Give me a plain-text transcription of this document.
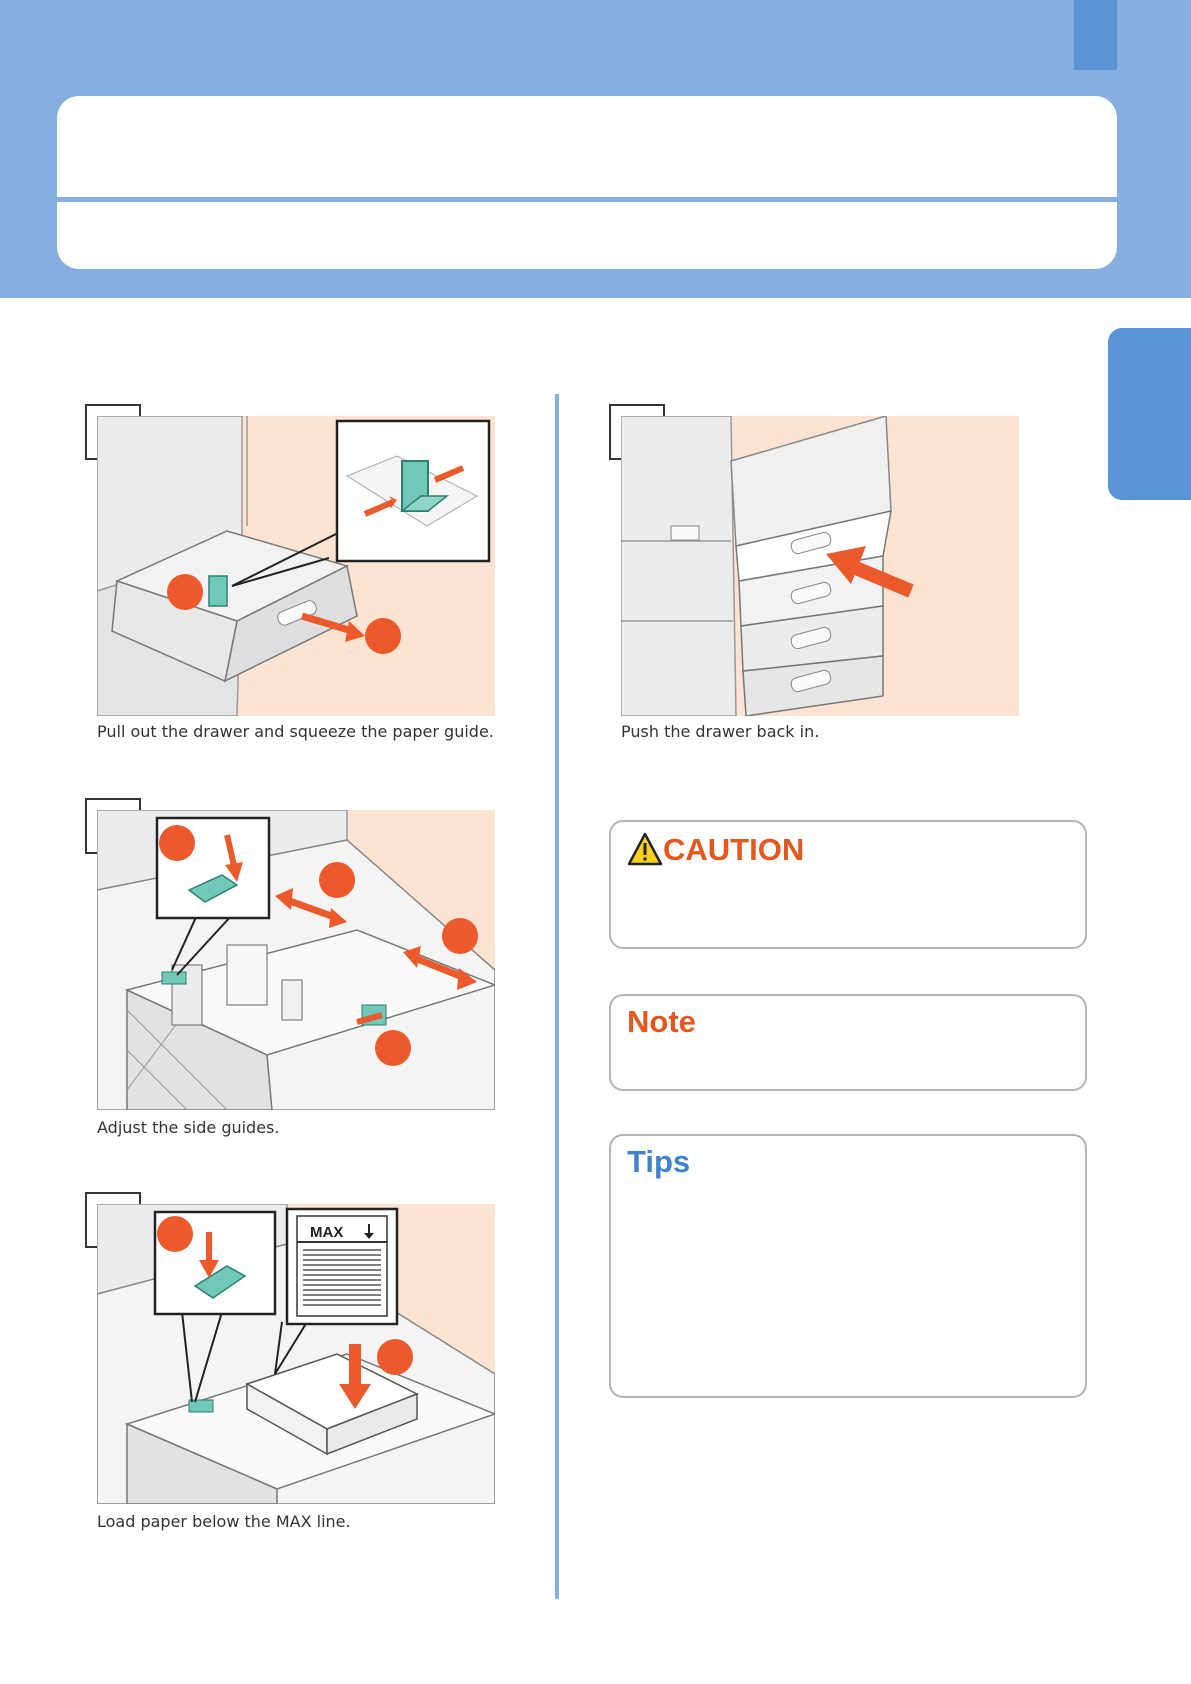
Pull out the drawer and squeeze the paper guide.
Adjust the side guides.
MAX
Load paper below the MAX line.
Push the drawer back in.
CAUTION
Note
Tips
